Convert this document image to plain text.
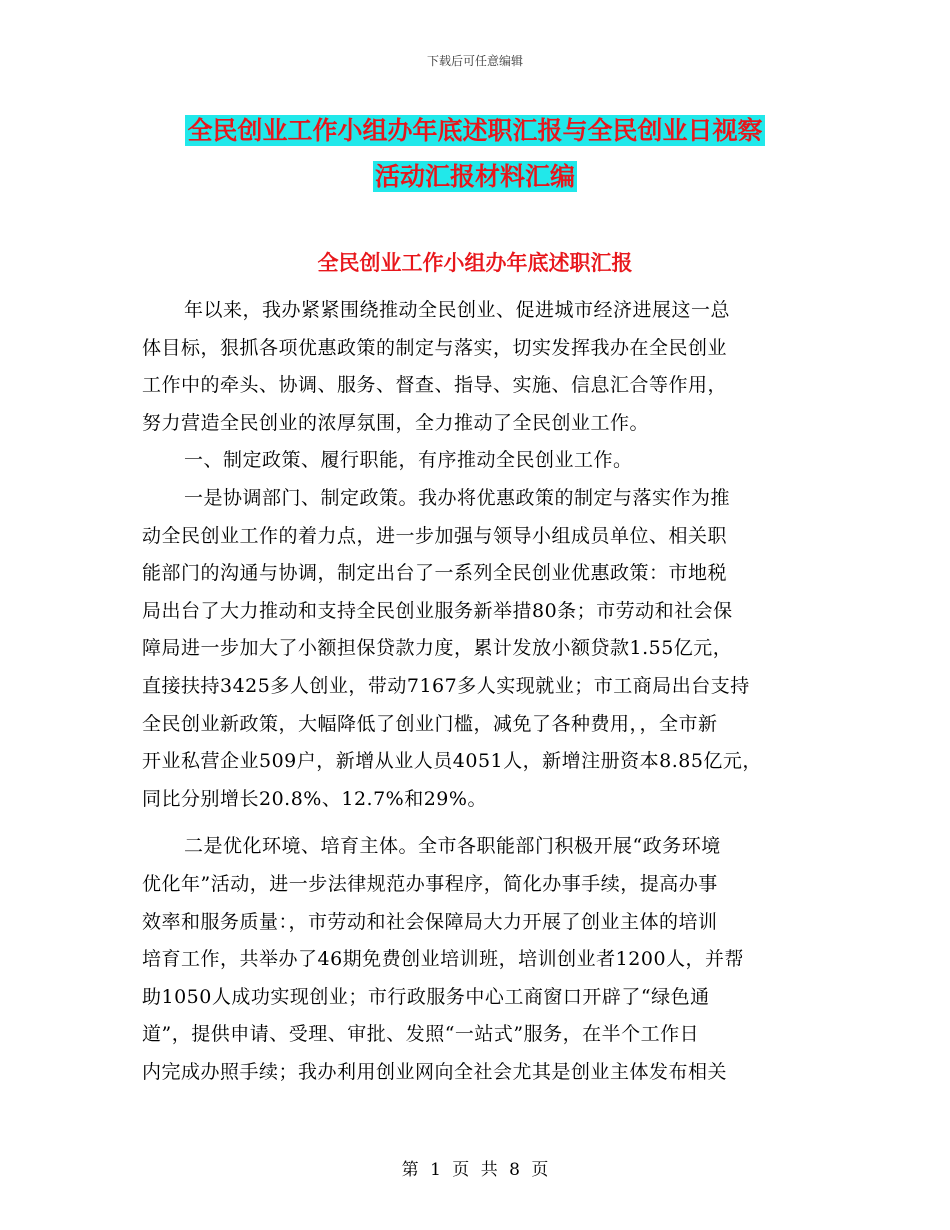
下载后可任意编辑
全民创业工作小组办年底述职汇报与全民创业日视察
活动汇报材料汇编
全民创业工作小组办年底述职汇报
年以来，我办紧紧围绕推动全民创业、促进城市经济进展这一总
体目标，狠抓各项优惠政策的制定与落实，切实发挥我办在全民创业
工作中的牵头、协调、服务、督查、指导、实施、信息汇合等作用，
努力营造全民创业的浓厚氛围，全力推动了全民创业工作。
一、制定政策、履行职能，有序推动全民创业工作。
一是协调部门、制定政策。我办将优惠政策的制定与落实作为推
动全民创业工作的着力点，进一步加强与领导小组成员单位、相关职
能部门的沟通与协调，制定出台了一系列全民创业优惠政策：市地税
局出台了大力推动和支持全民创业服务新举措80条；市劳动和社会保
障局进一步加大了小额担保贷款力度，累计发放小额贷款1.55亿元，
直接扶持3425多人创业，带动7167多人实现就业；市工商局出台支持
全民创业新政策，大幅降低了创业门槛，减免了各种费用，，全市新
开业私营企业509户，新增从业人员4051人，新增注册资本8.85亿元，
同比分别增长20.8%、12.7%和29%。
二是优化环境、培育主体。全市各职能部门积极开展“政务环境
优化年”活动，进一步法律规范办事程序，简化办事手续，提高办事
效率和服务质量：，市劳动和社会保障局大力开展了创业主体的培训
培育工作，共举办了46期免费创业培训班，培训创业者1200人，并帮
助1050人成功实现创业；市行政服务中心工商窗口开辟了“绿色通
道”，提供申请、受理、审批、发照“一站式”服务，在半个工作日
内完成办照手续；我办利用创业网向全社会尤其是创业主体发布相关
第 1 页 共 8 页
